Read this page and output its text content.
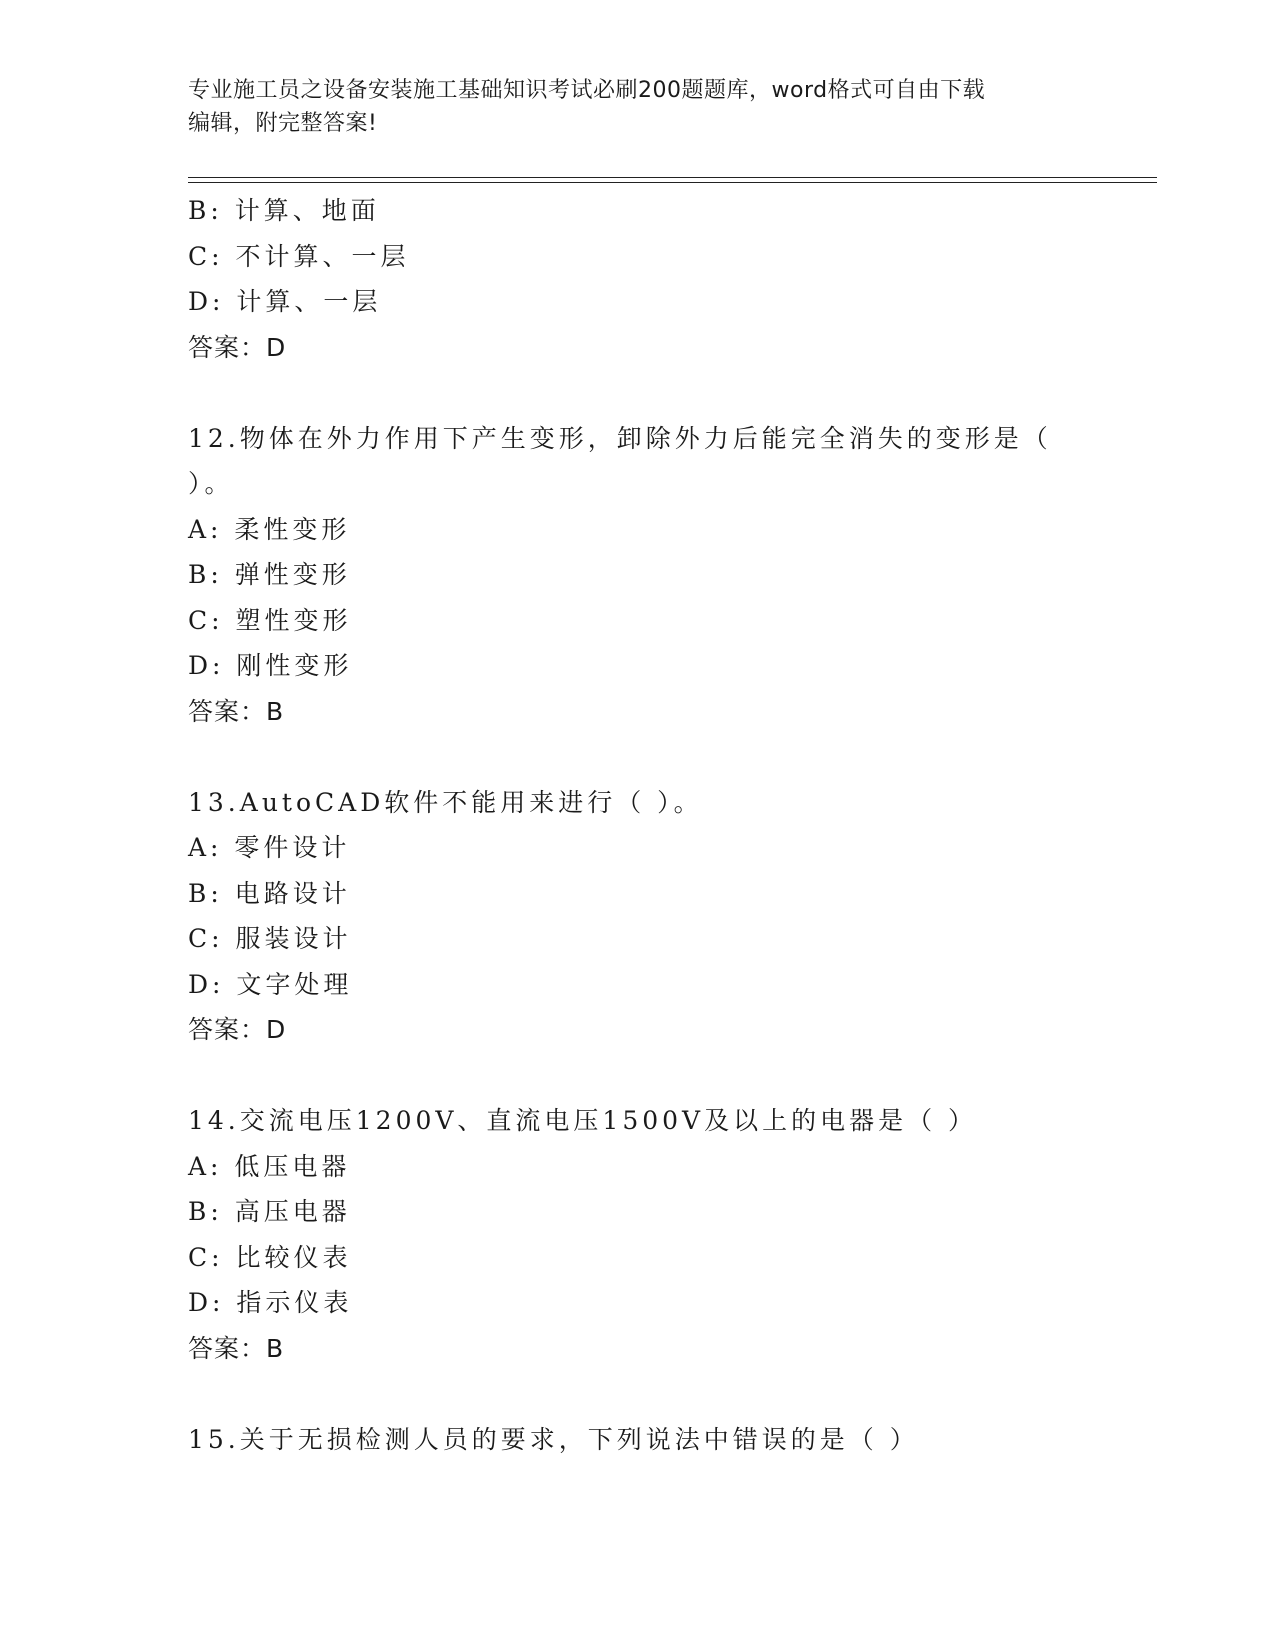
专业施工员之设备安装施工基础知识考试必刷200题题库，word格式可自由下载
编辑，附完整答案!
B: 计算、地面
C: 不计算、一层
D: 计算、一层
答案：D
12.物体在外力作用下产生变形，卸除外力后能完全消失的变形是（
）。
A: 柔性变形
B: 弹性变形
C: 塑性变形
D: 刚性变形
答案：B
13.AutoCAD软件不能用来进行（ ）。
A: 零件设计
B: 电路设计
C: 服装设计
D: 文字处理
答案：D
14.交流电压1200V、直流电压1500V及以上的电器是（ ）
A: 低压电器
B: 高压电器
C: 比较仪表
D: 指示仪表
答案：B
15.关于无损检测人员的要求，下列说法中错误的是（ ）
